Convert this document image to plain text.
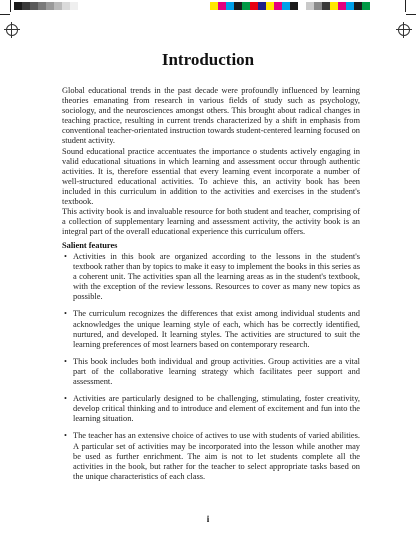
Introduction

Global educational trends in the past decade were profoundly influenced by learning theories emanating from research in various fields of study such as psychology, sociology, and the neurosciences amongst others. This brought about radical changes in teaching practice, resulting in current trends characterized by a shift in emphasis from conventional teacher-orientated instruction towards student-centered learning focused on student activity.

Sound educational practice accentuates the importance o students actively engaging in valid educational situations in which learning and assessment occur through authentic activities. It is, therefore essential that every learning event incorporate a number of well-structured educational activities. To achieve this, an activity book has been included in this curriculum in addition to the activities and exercises in the student's textbook.

This activity book is and invaluable resource for both student and teacher, comprising of a collection of supplementary learning and assessment activity, the activity book is an integral part of the overall educational experience this curriculum offers.

Salient features
• Activities in this book are organized according to the lessons in the student's textbook rather than by topics to make it easy to implement the books in this series as a coherent unit. The activities span all the learning areas as in the student's textbook, with the exception of the review lessons. Resources to cover as many new topics as possible.
• The curriculum recognizes the differences that exist among individual students and acknowledges the unique learning style of each, which has be correctly identified, nurtured, and developed. It learning styles. The activities are structured to suit the learning preferences of most learners based on contemporary research.
• This book includes both individual and group activities. Group activities are a vital part of the collaborative learning strategy which facilitates peer support and assessment.
• Activities are particularly designed to be challenging, stimulating, foster creativity, develop critical thinking and to introduce and element of excitement and fun into the learning situation.
• The teacher has an extensive choice of actives to use with students of varied abilities. A particular set of activities may be incorporated into the lesson while another may be used as further enrichment. The aim is not to let students complete all the activities in the book, but rather for the teacher to select appropriate tasks based on the unique characteristics of each class.

i
